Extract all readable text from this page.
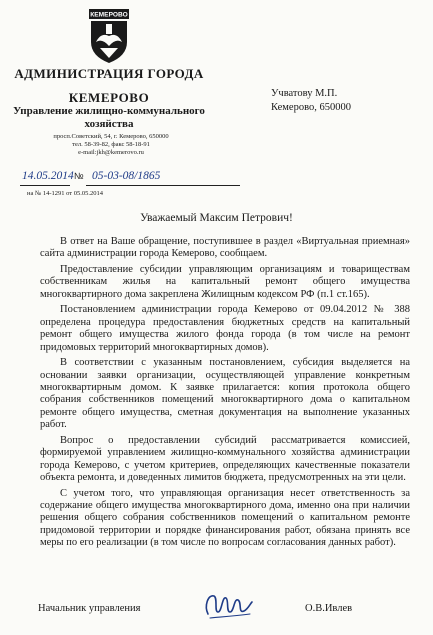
КЕМЕРОВО
АДМИНИСТРАЦИЯ ГОРОДА
КЕМЕРОВО
Управление жилищно-коммунального хозяйства
просп.Советский, 54, г. Кемерово, 650000
тел. 58-39-82, факс 58-18-91
e-mail:jkh@kemerovo.ru
14.05.2014 № 05-03-08/1865
на № 14-1291 от 05.05.2014
Учватову М.П.
Кемерово, 650000
Уважаемый Максим Петрович!

В ответ на Ваше обращение, поступившее в раздел «Виртуальная приемная» сайта администрации города Кемерово, сообщаем.

Предоставление субсидии управляющим организациям и товариществам собственникам жилья на капитальный ремонт общего имущества многоквартирного дома закреплена Жилищным кодексом РФ (п.1 ст.165).

Постановлением администрации города Кемерово от 09.04.2012 № 388 определена процедура предоставления бюджетных средств на капитальный ремонт общего имущества жилого фонда города (в том числе на ремонт придомовых территорий многоквартирных домов).

В соответствии с указанным постановлением, субсидия выделяется на основании заявки организации, осуществляющей управление конкретным многоквартирным домом. К заявке прилагается: копия протокола общего собрания собственников помещений многоквартирного дома о капитальном ремонте общего имущества, сметная документация на выполнение указанных работ.

Вопрос о предоставлении субсидий рассматривается комиссией, формируемой управлением жилищно-коммунального хозяйства администрации города Кемерово, с учетом критериев, определяющих качественные показатели объекта ремонта, и доведенных лимитов бюджета, предусмотренных на эти цели.

С учетом того, что управляющая организация несет ответственность за содержание общего имущества многоквартирного дома, именно она при наличии решения общего собрания собственников помещений о капитальном ремонте придомовой территории и порядке финансирования работ, обязана принять все меры по его реализации (в том числе по вопросам согласования данных работ).

Начальник управления	О.В.Ивлев
